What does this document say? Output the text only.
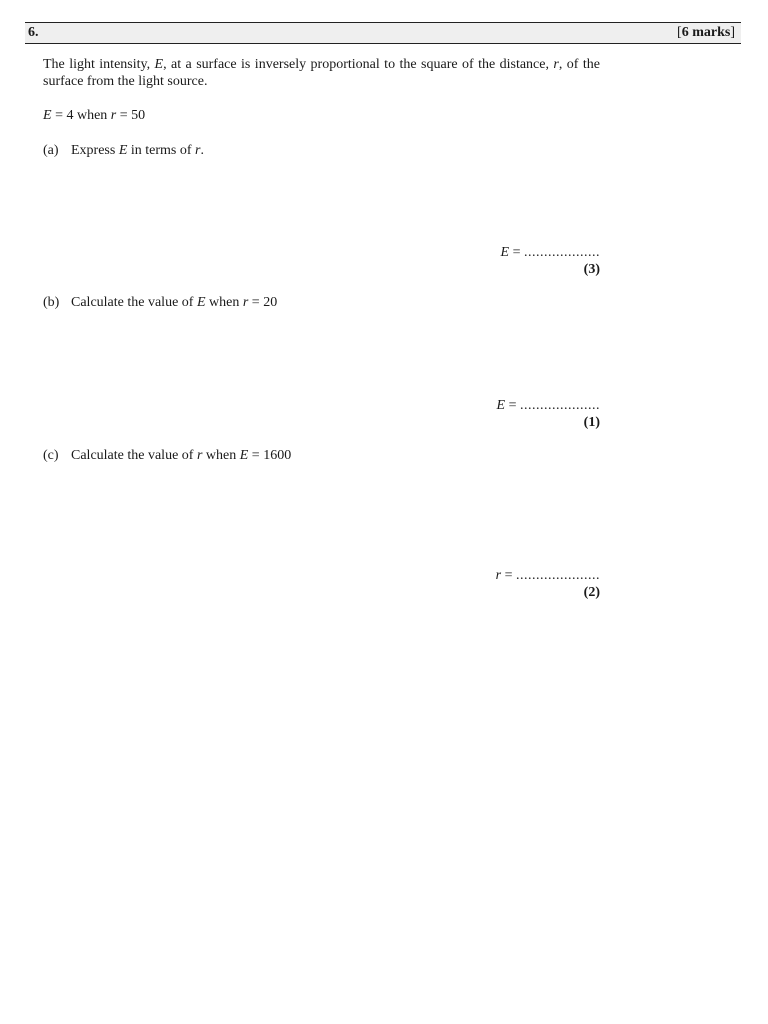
6.	[6 marks]
The light intensity, E, at a surface is inversely proportional to the square of the distance, r, of the surface from the light source.
E = 4 when r = 50
(a) Express E in terms of r.
E = ...................
(3)
(b) Calculate the value of E when r = 20
E = ....................
(1)
(c) Calculate the value of r when E = 1600
r = .....................
(2)
